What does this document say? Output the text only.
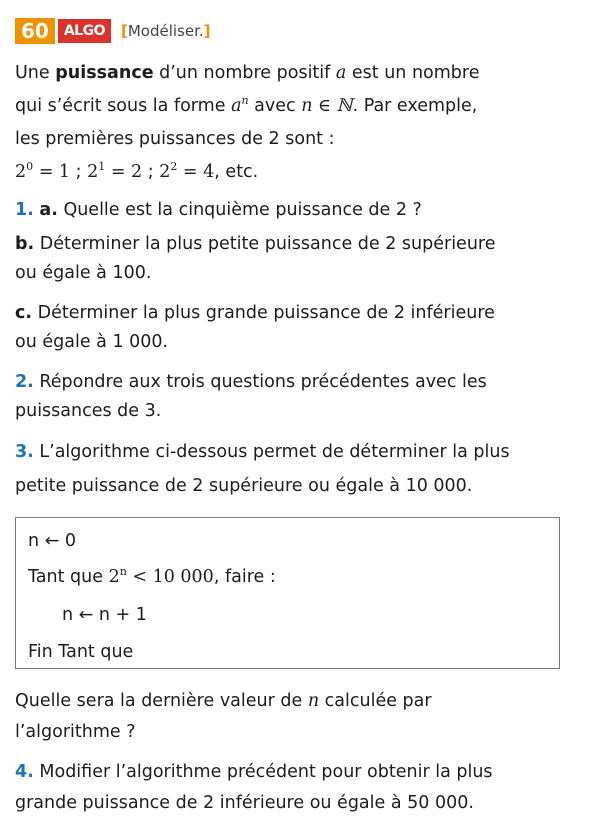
60	ALGO	[Modéliser.]
Une puissance d’un nombre positif a est un nombre
qui s’écrit sous la forme $a^n$ avec n ∈ ℕ. Par exemple,
les premières puissances de 2 sont :
$2^0 = 1$ ; $2^1 = 2$ ; $2^2 = 4$, etc.
1. a. Quelle est la cinquième puissance de 2 ?
b. Déterminer la plus petite puissance de 2 supérieure
ou égale à 100.
c. Déterminer la plus grande puissance de 2 inférieure
ou égale à 1 000.
2. Répondre aux trois questions précédentes avec les
puissances de 3.
3. L’algorithme ci-dessous permet de déterminer la plus
petite puissance de 2 supérieure ou égale à 10 000.
n ← 0
Tant que $2^n < 10$ 000, faire :
n ← n + 1
Fin Tant que
Quelle sera la dernière valeur de n calculée par
l’algorithme ?
4. Modifier l’algorithme précédent pour obtenir la plus
grande puissance de 2 inférieure ou égale à 50 000.
